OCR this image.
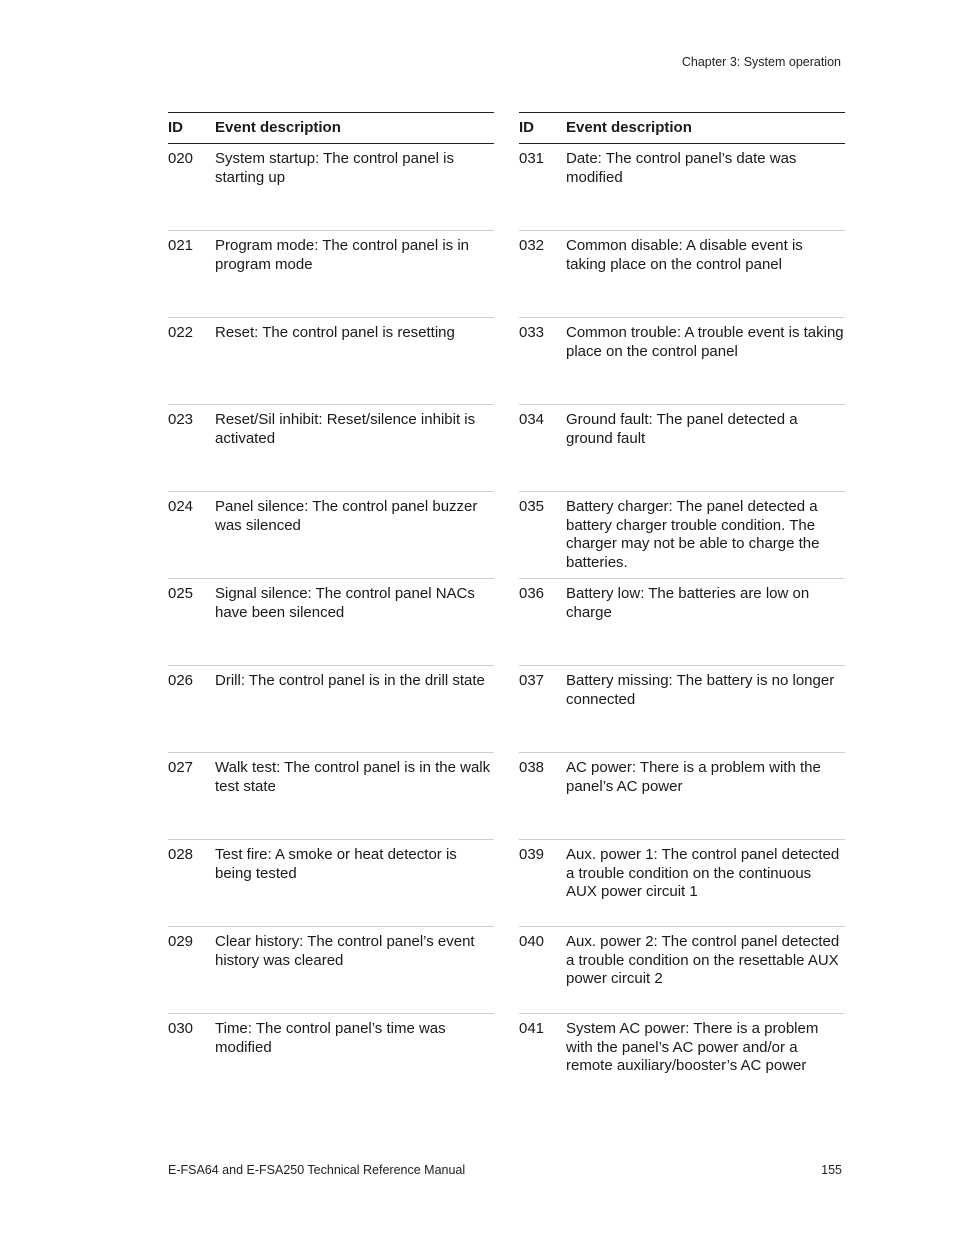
Chapter 3: System operation
ID	Event description
020	System startup: The control panel is starting up
021	Program mode: The control panel is in program mode
022	Reset: The control panel is resetting
023	Reset/Sil inhibit: Reset/silence inhibit is activated
024	Panel silence: The control panel buzzer was silenced
025	Signal silence: The control panel NACs have been silenced
026	Drill: The control panel is in the drill state
027	Walk test: The control panel is in the walk test state
028	Test fire: A smoke or heat detector is being tested
029	Clear history: The control panel’s event history was cleared
030	Time: The control panel’s time was modified
ID	Event description
031	Date: The control panel’s date was modified
032	Common disable: A disable event is taking place on the control panel
033	Common trouble: A trouble event is taking place on the control panel
034	Ground fault: The panel detected a ground fault
035	Battery charger: The panel detected a battery charger trouble condition. The charger may not be able to charge the batteries.
036	Battery low: The batteries are low on charge
037	Battery missing: The battery is no longer connected
038	AC power: There is a problem with the panel’s AC power
039	Aux. power 1: The control panel detected a trouble condition on the continuous AUX power circuit 1
040	Aux. power 2: The control panel detected a trouble condition on the resettable AUX power circuit 2
041	System AC power: There is a problem with the panel’s AC power and/or a remote auxiliary/booster’s AC power
E-FSA64 and E-FSA250 Technical Reference Manual	155
